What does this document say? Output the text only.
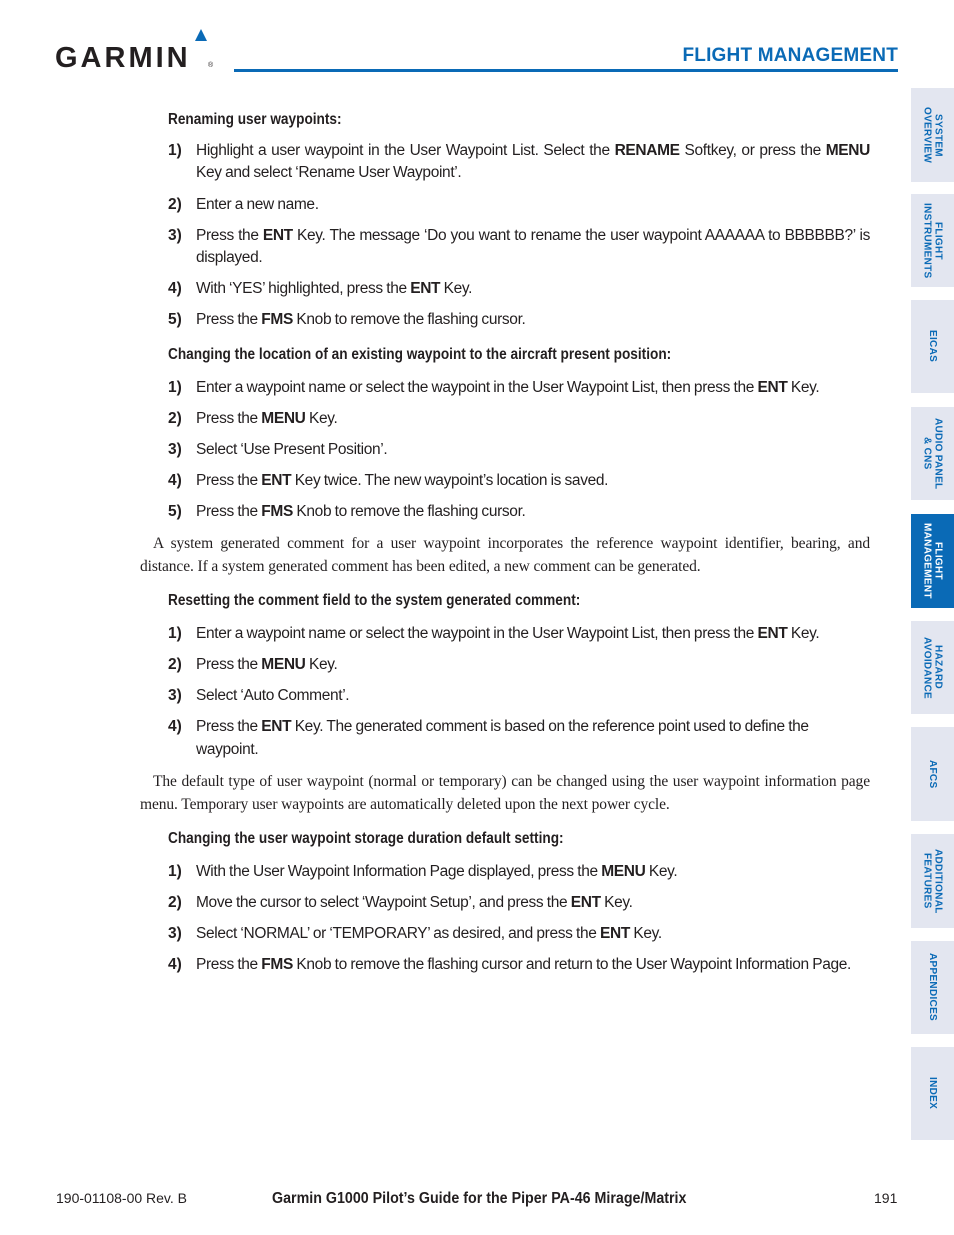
GARMIN ®	FLIGHT MANAGEMENT
Renaming user waypoints:
1) Highlight a user waypoint in the User Waypoint List. Select the RENAME Softkey, or press the MENU Key and select ‘Rename User Waypoint’.
2) Enter a new name.
3) Press the ENT Key. The message ‘Do you want to rename the user waypoint AAAAAA to BBBBBB?’ is displayed.
4) With ‘YES’ highlighted, press the ENT Key.
5) Press the FMS Knob to remove the flashing cursor.
Changing the location of an existing waypoint to the aircraft present position:
1) Enter a waypoint name or select the waypoint in the User Waypoint List, then press the ENT Key.
2) Press the MENU Key.
3) Select ‘Use Present Position’.
4) Press the ENT Key twice. The new waypoint’s location is saved.
5) Press the FMS Knob to remove the flashing cursor.

A system generated comment for a user waypoint incorporates the reference waypoint identifier, bearing, and distance. If a system generated comment has been edited, a new comment can be generated.

Resetting the comment field to the system generated comment:
1) Enter a waypoint name or select the waypoint in the User Waypoint List, then press the ENT Key.
2) Press the MENU Key.
3) Select ‘Auto Comment’.
4) Press the ENT Key. The generated comment is based on the reference point used to define the waypoint.

The default type of user waypoint (normal or temporary) can be changed using the user waypoint information page menu. Temporary user waypoints are automatically deleted upon the next power cycle.

Changing the user waypoint storage duration default setting:
1) With the User Waypoint Information Page displayed, press the MENU Key.
2) Move the cursor to select ‘Waypoint Setup’, and press the ENT Key.
3) Select ‘NORMAL’ or ‘TEMPORARY’ as desired, and press the ENT Key.
4) Press the FMS Knob to remove the flashing cursor and return to the User Waypoint Information Page.
SYSTEM
OVERVIEW
FLIGHT
INSTRUMENTS
EICAS
AUDIO PANEL
& CNS
FLIGHT
MANAGEMENT
HAZARD
AVOIDANCE
AFCS
ADDITIONAL
FEATURES
APPENDICES
INDEX
190-01108-00 Rev. B	Garmin G1000 Pilot’s Guide for the Piper PA-46 Mirage/Matrix	191
